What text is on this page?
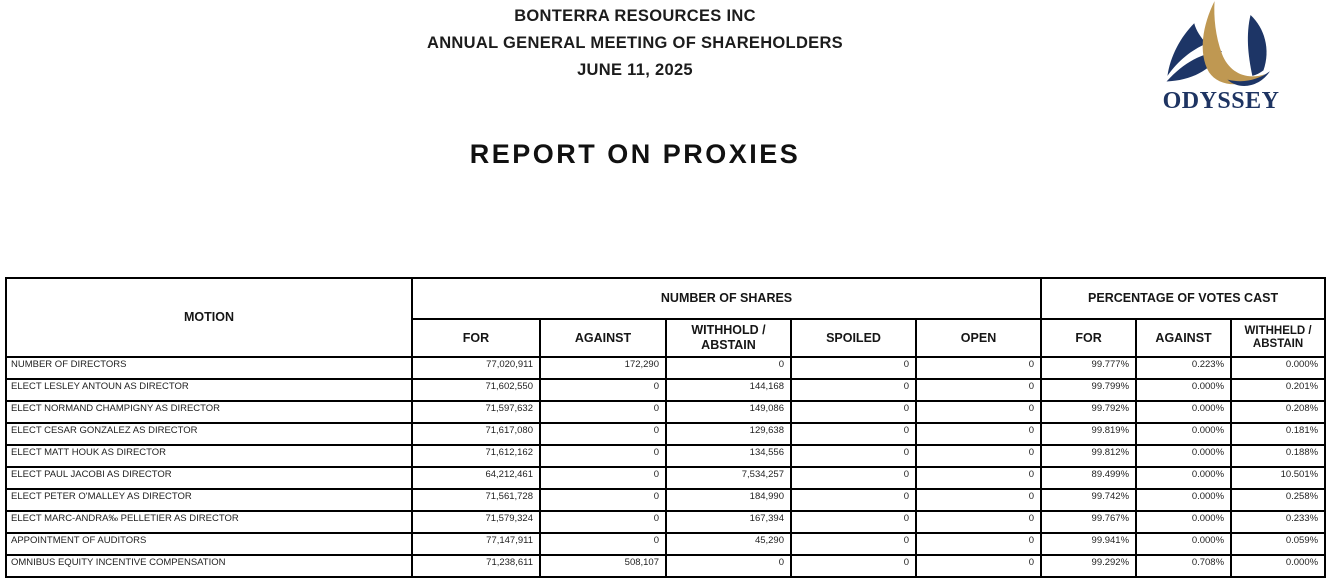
BONTERRA RESOURCES INC
ANNUAL GENERAL MEETING OF SHAREHOLDERS
JUNE 11, 2025
ODYSSEY
REPORT ON PROXIES
MOTION	NUMBER OF SHARES					PERCENTAGE OF VOTES CAST		
	FOR	AGAINST	WITHHOLD / ABSTAIN	SPOILED	OPEN	FOR	AGAINST	WITHHELD / ABSTAIN
NUMBER OF DIRECTORS	77,020,911	172,290	0	0	0	99.777%	0.223%	0.000%
ELECT LESLEY ANTOUN AS DIRECTOR	71,602,550	0	144,168	0	0	99.799%	0.000%	0.201%
ELECT NORMAND CHAMPIGNY AS DIRECTOR	71,597,632	0	149,086	0	0	99.792%	0.000%	0.208%
ELECT CESAR GONZALEZ AS DIRECTOR	71,617,080	0	129,638	0	0	99.819%	0.000%	0.181%
ELECT MATT HOUK AS DIRECTOR	71,612,162	0	134,556	0	0	99.812%	0.000%	0.188%
ELECT PAUL JACOBI AS DIRECTOR	64,212,461	0	7,534,257	0	0	89.499%	0.000%	10.501%
ELECT PETER O'MALLEY AS DIRECTOR	71,561,728	0	184,990	0	0	99.742%	0.000%	0.258%
ELECT MARC-ANDRA‰ PELLETIER AS DIRECTOR	71,579,324	0	167,394	0	0	99.767%	0.000%	0.233%
APPOINTMENT OF AUDITORS	77,147,911	0	45,290	0	0	99.941%	0.000%	0.059%
OMNIBUS EQUITY INCENTIVE COMPENSATION	71,238,611	508,107	0	0	0	99.292%	0.708%	0.000%
